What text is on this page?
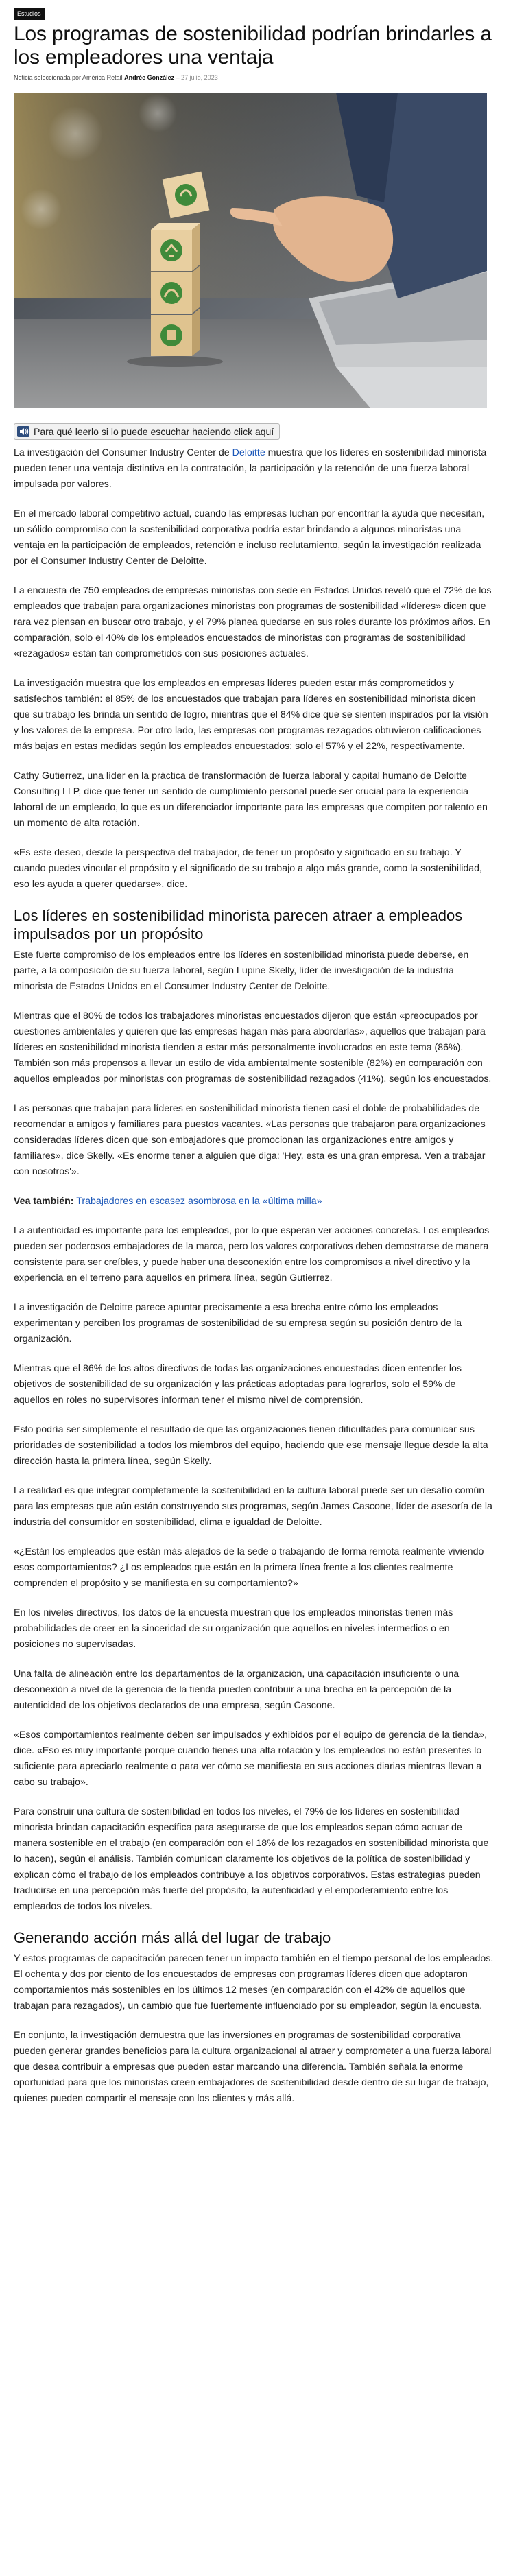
Estudios
Los programas de sostenibilidad podrían brindarles a los empleadores una ventaja
Noticia seleccionada por América Retail Andrée González – 27 julio, 2023
Para qué leerlo si lo puede escuchar haciendo click aquí

La investigación del Consumer Industry Center de Deloitte muestra que los líderes en sostenibilidad minorista pueden tener una ventaja distintiva en la contratación, la participación y la retención de una fuerza laboral impulsada por valores.

En el mercado laboral competitivo actual, cuando las empresas luchan por encontrar la ayuda que necesitan, un sólido compromiso con la sostenibilidad corporativa podría estar brindando a algunos minoristas una ventaja en la participación de empleados, retención e incluso reclutamiento, según la investigación realizada por el Consumer Industry Center de Deloitte.

La encuesta de 750 empleados de empresas minoristas con sede en Estados Unidos reveló que el 72% de los empleados que trabajan para organizaciones minoristas con programas de sostenibilidad «líderes» dicen que rara vez piensan en buscar otro trabajo, y el 79% planea quedarse en sus roles durante los próximos años. En comparación, solo el 40% de los empleados encuestados de minoristas con programas de sostenibilidad «rezagados» están tan comprometidos con sus posiciones actuales.

La investigación muestra que los empleados en empresas líderes pueden estar más comprometidos y satisfechos también: el 85% de los encuestados que trabajan para líderes en sostenibilidad minorista dicen que su trabajo les brinda un sentido de logro, mientras que el 84% dice que se sienten inspirados por la visión y los valores de la empresa. Por otro lado, las empresas con programas rezagados obtuvieron calificaciones más bajas en estas medidas según los empleados encuestados: solo el 57% y el 22%, respectivamente.

Cathy Gutierrez, una líder en la práctica de transformación de fuerza laboral y capital humano de Deloitte Consulting LLP, dice que tener un sentido de cumplimiento personal puede ser crucial para la experiencia laboral de un empleado, lo que es un diferenciador importante para las empresas que compiten por talento en un momento de alta rotación.

«Es este deseo, desde la perspectiva del trabajador, de tener un propósito y significado en su trabajo. Y cuando puedes vincular el propósito y el significado de su trabajo a algo más grande, como la sostenibilidad, eso les ayuda a querer quedarse», dice.

Los líderes en sostenibilidad minorista parecen atraer a empleados impulsados por un propósito

Este fuerte compromiso de los empleados entre los líderes en sostenibilidad minorista puede deberse, en parte, a la composición de su fuerza laboral, según Lupine Skelly, líder de investigación de la industria minorista de Estados Unidos en el Consumer Industry Center de Deloitte.

Mientras que el 80% de todos los trabajadores minoristas encuestados dijeron que están «preocupados por cuestiones ambientales y quieren que las empresas hagan más para abordarlas», aquellos que trabajan para líderes en sostenibilidad minorista tienden a estar más personalmente involucrados en este tema (86%). También son más propensos a llevar un estilo de vida ambientalmente sostenible (82%) en comparación con aquellos empleados por minoristas con programas de sostenibilidad rezagados (41%), según los encuestados.

Las personas que trabajan para líderes en sostenibilidad minorista tienen casi el doble de probabilidades de recomendar a amigos y familiares para puestos vacantes. «Las personas que trabajaron para organizaciones consideradas líderes dicen que son embajadores que promocionan las organizaciones entre amigos y familiares», dice Skelly. «Es enorme tener a alguien que diga: 'Hey, esta es una gran empresa. Ven a trabajar con nosotros'».

Vea también: Trabajadores en escasez asombrosa en la «última milla»

La autenticidad es importante para los empleados, por lo que esperan ver acciones concretas. Los empleados pueden ser poderosos embajadores de la marca, pero los valores corporativos deben demostrarse de manera consistente para ser creíbles, y puede haber una desconexión entre los compromisos a nivel directivo y la experiencia en el terreno para aquellos en primera línea, según Gutierrez.

La investigación de Deloitte parece apuntar precisamente a esa brecha entre cómo los empleados experimentan y perciben los programas de sostenibilidad de su empresa según su posición dentro de la organización.

Mientras que el 86% de los altos directivos de todas las organizaciones encuestadas dicen entender los objetivos de sostenibilidad de su organización y las prácticas adoptadas para lograrlos, solo el 59% de aquellos en roles no supervisores informan tener el mismo nivel de comprensión.

Esto podría ser simplemente el resultado de que las organizaciones tienen dificultades para comunicar sus prioridades de sostenibilidad a todos los miembros del equipo, haciendo que ese mensaje llegue desde la alta dirección hasta la primera línea, según Skelly.

La realidad es que integrar completamente la sostenibilidad en la cultura laboral puede ser un desafío común para las empresas que aún están construyendo sus programas, según James Cascone, líder de asesoría de la industria del consumidor en sostenibilidad, clima e igualdad de Deloitte.

«¿Están los empleados que están más alejados de la sede o trabajando de forma remota realmente viviendo esos comportamientos? ¿Los empleados que están en la primera línea frente a los clientes realmente comprenden el propósito y se manifiesta en su comportamiento?»

En los niveles directivos, los datos de la encuesta muestran que los empleados minoristas tienen más probabilidades de creer en la sinceridad de su organización que aquellos en niveles intermedios o en posiciones no supervisadas.

Una falta de alineación entre los departamentos de la organización, una capacitación insuficiente o una desconexión a nivel de la gerencia de la tienda pueden contribuir a una brecha en la percepción de la autenticidad de los objetivos declarados de una empresa, según Cascone.

«Esos comportamientos realmente deben ser impulsados y exhibidos por el equipo de gerencia de la tienda», dice. «Eso es muy importante porque cuando tienes una alta rotación y los empleados no están presentes lo suficiente para apreciarlo realmente o para ver cómo se manifiesta en sus acciones diarias mientras llevan a cabo su trabajo».

Para construir una cultura de sostenibilidad en todos los niveles, el 79% de los líderes en sostenibilidad minorista brindan capacitación específica para asegurarse de que los empleados sepan cómo actuar de manera sostenible en el trabajo (en comparación con el 18% de los rezagados en sostenibilidad minorista que lo hacen), según el análisis. También comunican claramente los objetivos de la política de sostenibilidad y explican cómo el trabajo de los empleados contribuye a los objetivos corporativos. Estas estrategias pueden traducirse en una percepción más fuerte del propósito, la autenticidad y el empoderamiento entre los empleados de todos los niveles.

Generando acción más allá del lugar de trabajo

Y estos programas de capacitación parecen tener un impacto también en el tiempo personal de los empleados. El ochenta y dos por ciento de los encuestados de empresas con programas líderes dicen que adoptaron comportamientos más sostenibles en los últimos 12 meses (en comparación con el 42% de aquellos que trabajan para rezagados), un cambio que fue fuertemente influenciado por su empleador, según la encuesta.

En conjunto, la investigación demuestra que las inversiones en programas de sostenibilidad corporativa pueden generar grandes beneficios para la cultura organizacional al atraer y comprometer a una fuerza laboral que desea contribuir a empresas que pueden estar marcando una diferencia. También señala la enorme oportunidad para que los minoristas creen embajadores de sostenibilidad desde dentro de su lugar de trabajo, quienes pueden compartir el mensaje con los clientes y más allá.
